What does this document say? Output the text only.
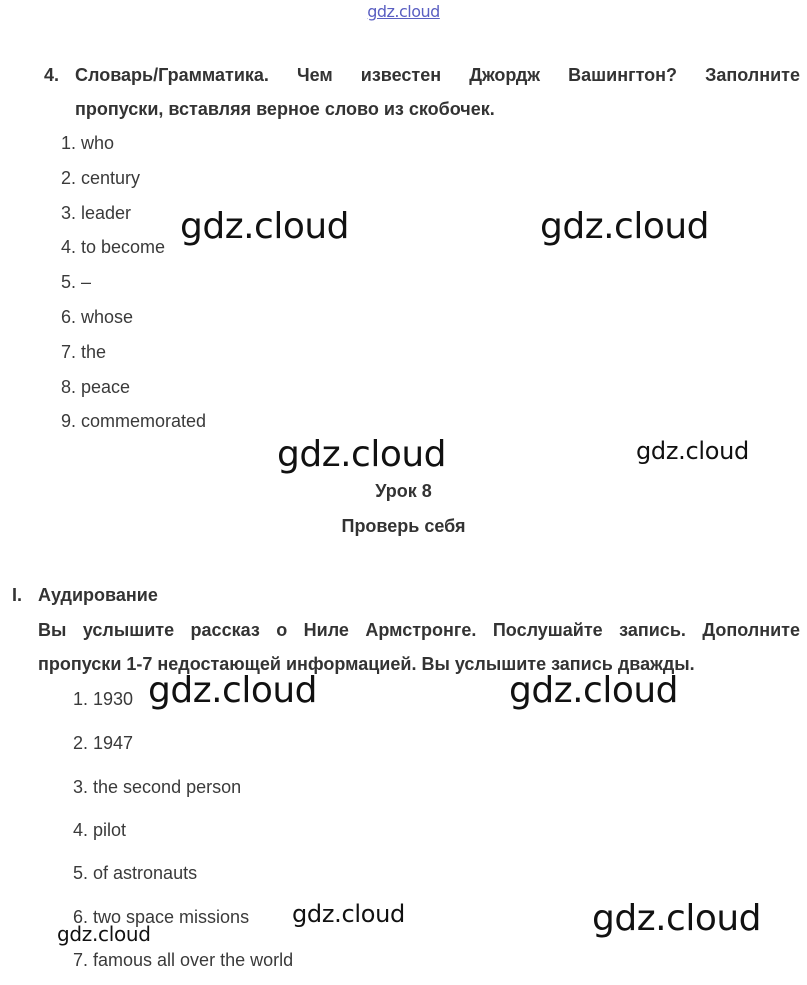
gdz.cloud
4. Словарь/Грамматика. Чем известен Джордж Вашингтон? Заполните
пропуски, вставляя верное слово из скобочек.
1. who
2. century
3. leader
4. to become
5. –
6. whose
7. the
8. peace
9. commemorated
Урок 8
Проверь себя
I. Аудирование
Вы услышите рассказ о Ниле Армстронге. Послушайте запись. Дополните
пропуски 1-7 недостающей информацией. Вы услышите запись дважды.
1. 1930
2. 1947
3. the second person
4. pilot
5. of astronauts
6. two space missions
7. famous all over the world
gdz.cloud	gdz.cloud
gdz.cloud	gdz.cloud
gdz.cloud	gdz.cloud
gdz.cloud	gdz.cloud
gdz.cloud
